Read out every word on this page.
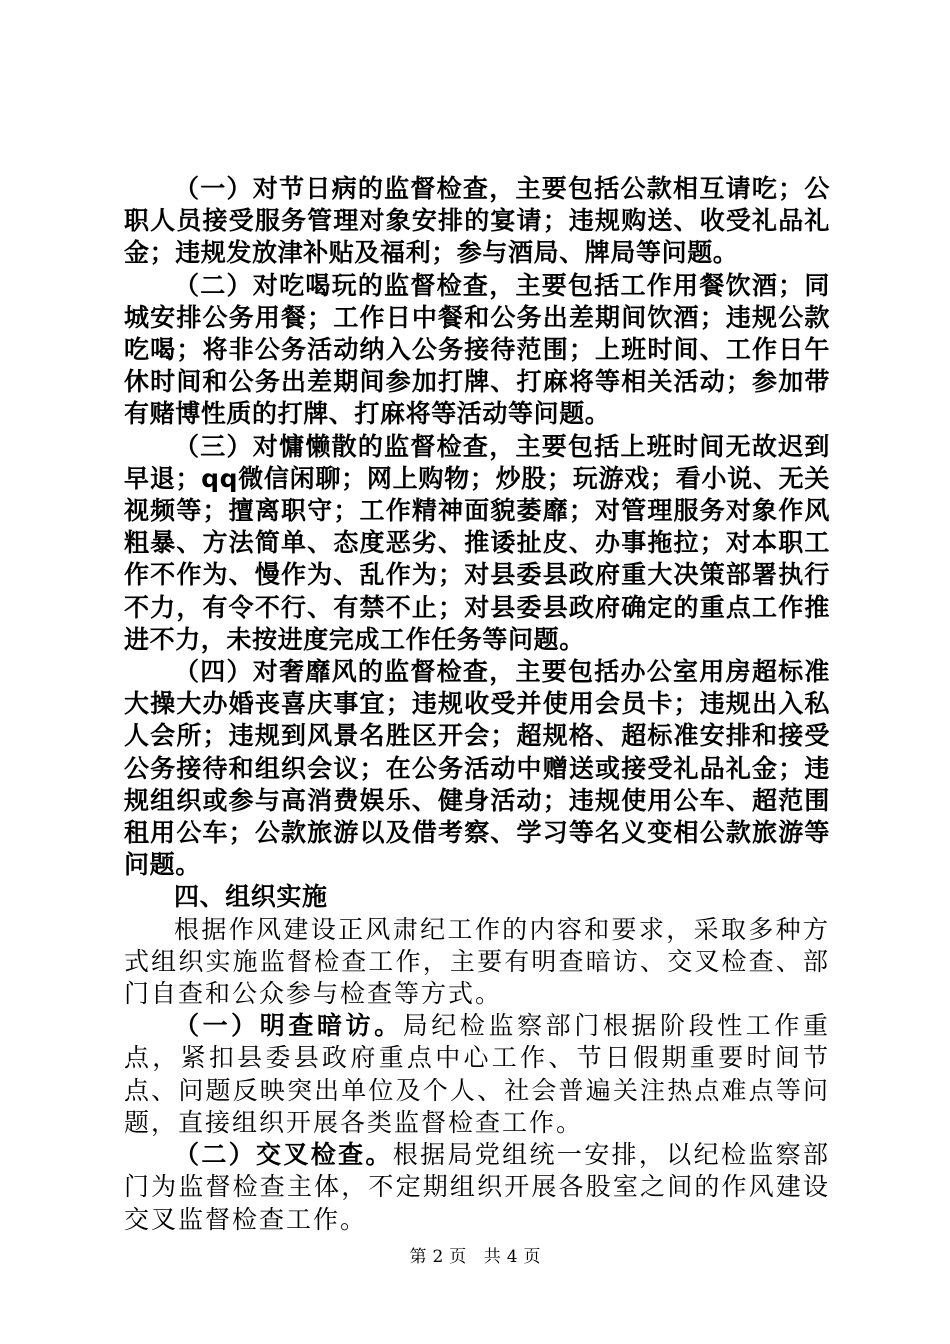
（一）对节日病的监督检查，主要包括公款相互请吃；公职人员接受服务管理对象安排的宴请；违规购送、收受礼品礼金；违规发放津补贴及福利；参与酒局、牌局等问题。

（二）对吃喝玩的监督检查，主要包括工作用餐饮酒；同城安排公务用餐；工作日中餐和公务出差期间饮酒；违规公款吃喝；将非公务活动纳入公务接待范围；上班时间、工作日午休时间和公务出差期间参加打牌、打麻将等相关活动；参加带有赌博性质的打牌、打麻将等活动等问题。

（三）对慵懒散的监督检查，主要包括上班时间无故迟到早退；qq微信闲聊；网上购物；炒股；玩游戏；看小说、无关视频等；擅离职守；工作精神面貌萎靡；对管理服务对象作风粗暴、方法简单、态度恶劣、推诿扯皮、办事拖拉；对本职工作不作为、慢作为、乱作为；对县委县政府重大决策部署执行不力，有令不行、有禁不止；对县委县政府确定的重点工作推进不力，未按进度完成工作任务等问题。

（四）对奢靡风的监督检查，主要包括办公室用房超标准大操大办婚丧喜庆事宜；违规收受并使用会员卡；违规出入私人会所；违规到风景名胜区开会；超规格、超标准安排和接受公务接待和组织会议；在公务活动中赠送或接受礼品礼金；违规组织或参与高消费娱乐、健身活动；违规使用公车、超范围租用公车；公款旅游以及借考察、学习等名义变相公款旅游等问题。

四、组织实施

根据作风建设正风肃纪工作的内容和要求，采取多种方式组织实施监督检查工作，主要有明查暗访、交叉检查、部门自查和公众参与检查等方式。

（一）明查暗访。局纪检监察部门根据阶段性工作重点，紧扣县委县政府重点中心工作、节日假期重要时间节点、问题反映突出单位及个人、社会普遍关注热点难点等问题，直接组织开展各类监督检查工作。

（二）交叉检查。根据局党组统一安排，以纪检监察部门为监督检查主体，不定期组织开展各股室之间的作风建设交叉监督检查工作。

第 2 页 共 4 页
